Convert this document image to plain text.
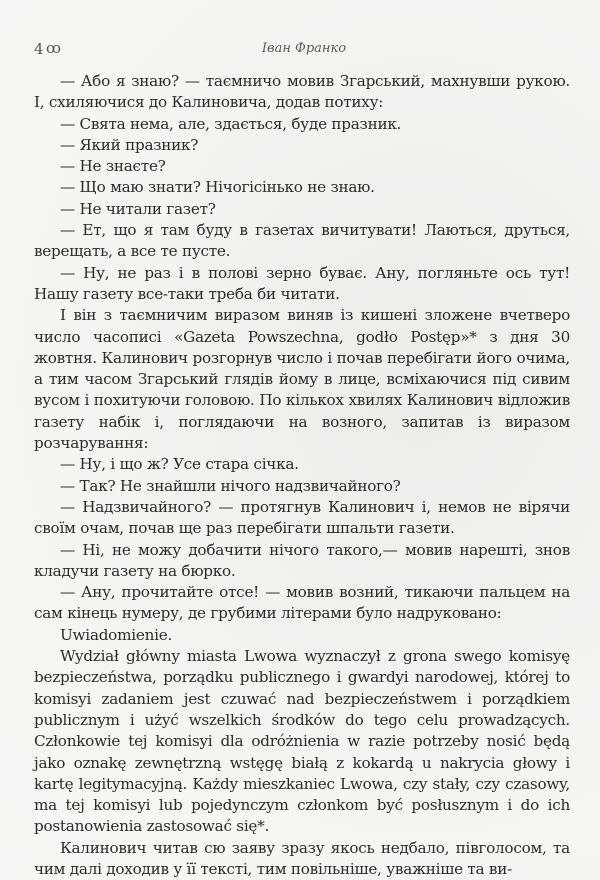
4 ꝏ	Іван Франко

— Або я знаю? — таємничо мовив Згарський, махнувши рукою. І, схиляючися до Калиновича, додав потиху:

— Свята нема, але, здається, буде празник.

— Який празник?

— Не знаєте?

— Що маю знати? Нічогісінько не знаю.

— Не читали газет?

— Ет, що я там буду в газетах вичитувати! Лаються, друться, верещать, а все те пусте.

— Ну, не раз і в полові зерно буває. Ану, погляньте ось тут! Нашу газету все-таки треба би читати.

І він з таємничим виразом виняв із кишені зложене вчетверо число часописі «Gazeta Powszechna, godło Postęp»* з дня 30 жовтня. Калинович розгорнув число і почав перебігати його очима, а тим часом Згарський глядів йому в лице, всміхаючися під сивим вусом і похитуючи головою. По кількох хвилях Калинович відложив газету набік і, поглядаючи на возного, запитав із виразом розчарування:

— Ну, і що ж? Усе стара січка.

— Так? Не знайшли нічого надзвичайного?

— Надзвичайного? — протягнув Калинович і, немов не вірячи своїм очам, почав ще раз перебігати шпальти газети.

— Ні, не можу добачити нічого такого,— мовив нарешті, знов кладучи газету на бюрко.

— Ану, прочитайте отсе! — мовив возний, тикаючи пальцем на сам кінець нумеру, де грубими літерами було надруковано:

Uwiadomienie.

Wydział główny miasta Lwowa wyznaczył z grona swego komisyę bezpieczeństwa, porządku publicznego i gwardyi narodowej, której to komisyi zadaniem jest czuwać nad bezpieczeństwem i porządkiem publicznym i użyć wszelkich środków do tego celu prowadzących. Członkowie tej komisyi dla odróżnienia w razie potrzeby nosić będą jako oznakę zewnętrzną wstęgę białą z kokardą u nakrycia głowy i kartę legitymacyjną. Każdy mieszkaniec Lwowa, czy stały, czy czasowy, ma tej komisyi lub pojedynczym członkom być posłusznym i do ich postanowienia zastosować się*.

Калинович читав сю заяву зразу якось недбало, півголосом, та чим далі доходив у її тексті, тим повільніше, уважніше та ви-
